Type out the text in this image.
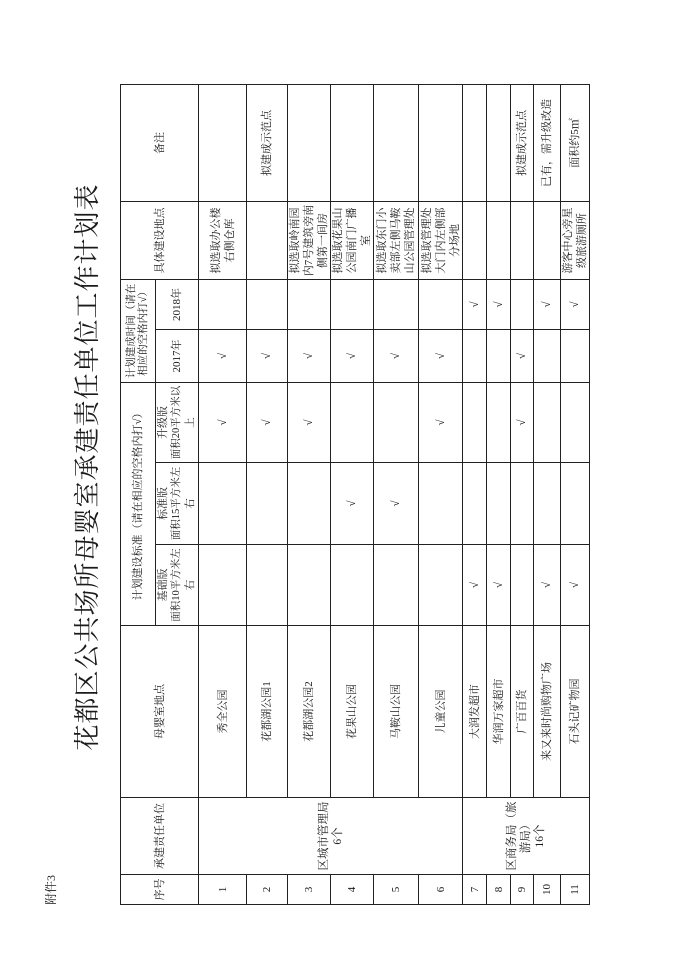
附件3
花都区公共场所母婴室承建责任单位工作计划表
序号	承建责任单位	母婴室地点	计划建设标准（请在相应的空格内打√）			计划建成时间（请在相应的空格内打√）		具体建设地点	备注

			基础版 面积10平方米左右	标准版 面积15平方米左右	升级版 面积20平方米以上	2017年	2018年		
1	区城市管理局 6个	秀全公园			√	√		拟选取办公楼右侧仓库	
2		花都湖公园1			√	√			拟建成示范点
3		花都湖公园2			√	√		拟选取岭南园内7号建筑旁南侧第一间房	
4		花果山公园		√		√		拟选取花果山公园南门广播室	
5		马鞍山公园		√		√		拟选取东门小卖部左侧马鞍山公园管理处	
6		儿童公园			√	√		拟选取管理处大门内左侧部分场地	
7	区商务局（旅游局） 16个	大润发超市	√				√		
8		华润万家超市	√				√		
9		广百百货			√	√			拟建成示范点
10		来又来时尚购物广场	√				√		已有，需升级改造
11		石头记矿物园	√				√	游客中心旁星级旅游厕所	面积约5㎡
